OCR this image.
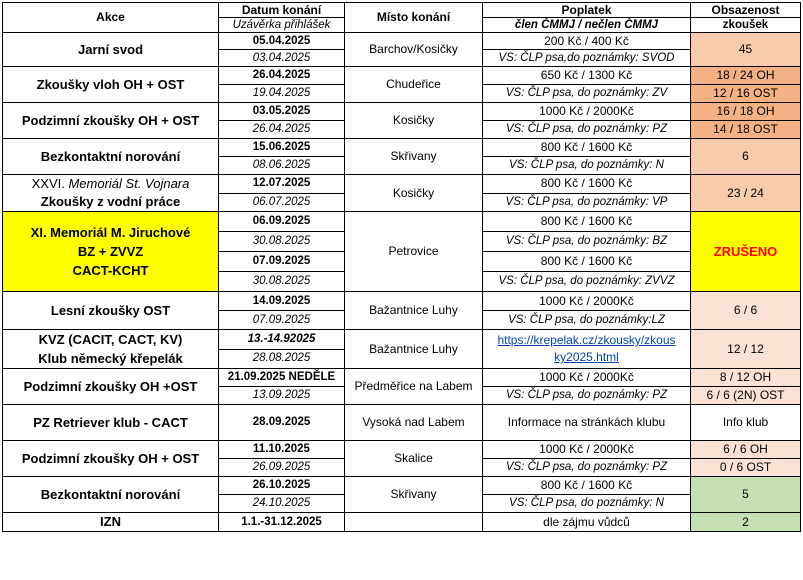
Akce	Datum konání	Místo konání	Poplatek	Obsazenost
	Uzávěrka přihlášek		člen ČMMJ / nečlen ČMMJ	zkoušek
Jarní svod	05.04.2025	Barchov/Kosičky	200 Kč / 400 Kč	45
	03.04.2025		VS: ČLP psa,do poznámky: SVOD	
Zkoušky vloh OH + OST	26.04.2025	Chudeřice	650 Kč / 1300 Kč	18 / 24 OH
	19.04.2025		VS: ČLP psa, do poznámky: ZV	12 / 16 OST
Podzimní zkoušky OH + OST	03.05.2025	Kosičky	1000 Kč / 2000Kč	16 / 18 OH
	26.04.2025		VS: ČLP psa, do poznámky: PZ	14 / 18 OST
Bezkontaktní norování	15.06.2025	Skřivany	800 Kč / 1600 Kč	6
	08.06.2025		VS: ČLP psa, do poznámky: N	

XXVI. Memoriál St. Vojnara
Zkoušky z vodní práce	12.07.2025	Kosičky	800 Kč / 1600 Kč	23 / 24
	06.07.2025		VS: ČLP psa, do poznámky: VP	

XI. Memoriál M. Jiruchové
BZ + ZVVZ
CACT-KCHT	06.09.2025	Petrovice	800 Kč / 1600 Kč	ZRUŠENO
	30.08.2025		VS: ČLP psa, do poznámky: BZ	
	07.09.2025		800 Kč / 1600 Kč	
	30.08.2025		VS: ČLP psa, do poznámky: ZVVZ	
Lesní zkoušky OST	14.09.2025	Bažantnice Luhy	1000 Kč / 2000Kč	6 / 6
	07.09.2025		VS: ČLP psa, do poznámky:LZ	

KVZ (CACIT, CACT, KV)
Klub německý křepelák	13.-14.92025	Bažantnice Luhy	https://krepelak.cz/zkousky/zkous
ky2025.html	12 / 12
	28.08.2025			
Podzimní zkoušky OH +OST	21.09.2025 NEDĚLE	Předměřice na Labem	1000 Kč / 2000Kč	8 / 12 OH
	13.09.2025		VS: ČLP psa, do poznámky: PZ	6 / 6 (2N) OST
PZ Retriever klub - CACT	28.09.2025	Vysoká nad Labem	Informace na stránkách klubu	Info klub
Podzimní zkoušky OH + OST	11.10.2025	Skalice	1000 Kč / 2000Kč	6 / 6 OH
	26.09.2025		VS: ČLP psa, do poznámky: PZ	0 / 6 OST
Bezkontaktní norování	26.10.2025	Skřivany	800 Kč / 1600 Kč	5
	24.10.2025		VS: ČLP psa, do poznámky: N	
IZN	1.1.-31.12.2025		dle zájmu vůdců	2
